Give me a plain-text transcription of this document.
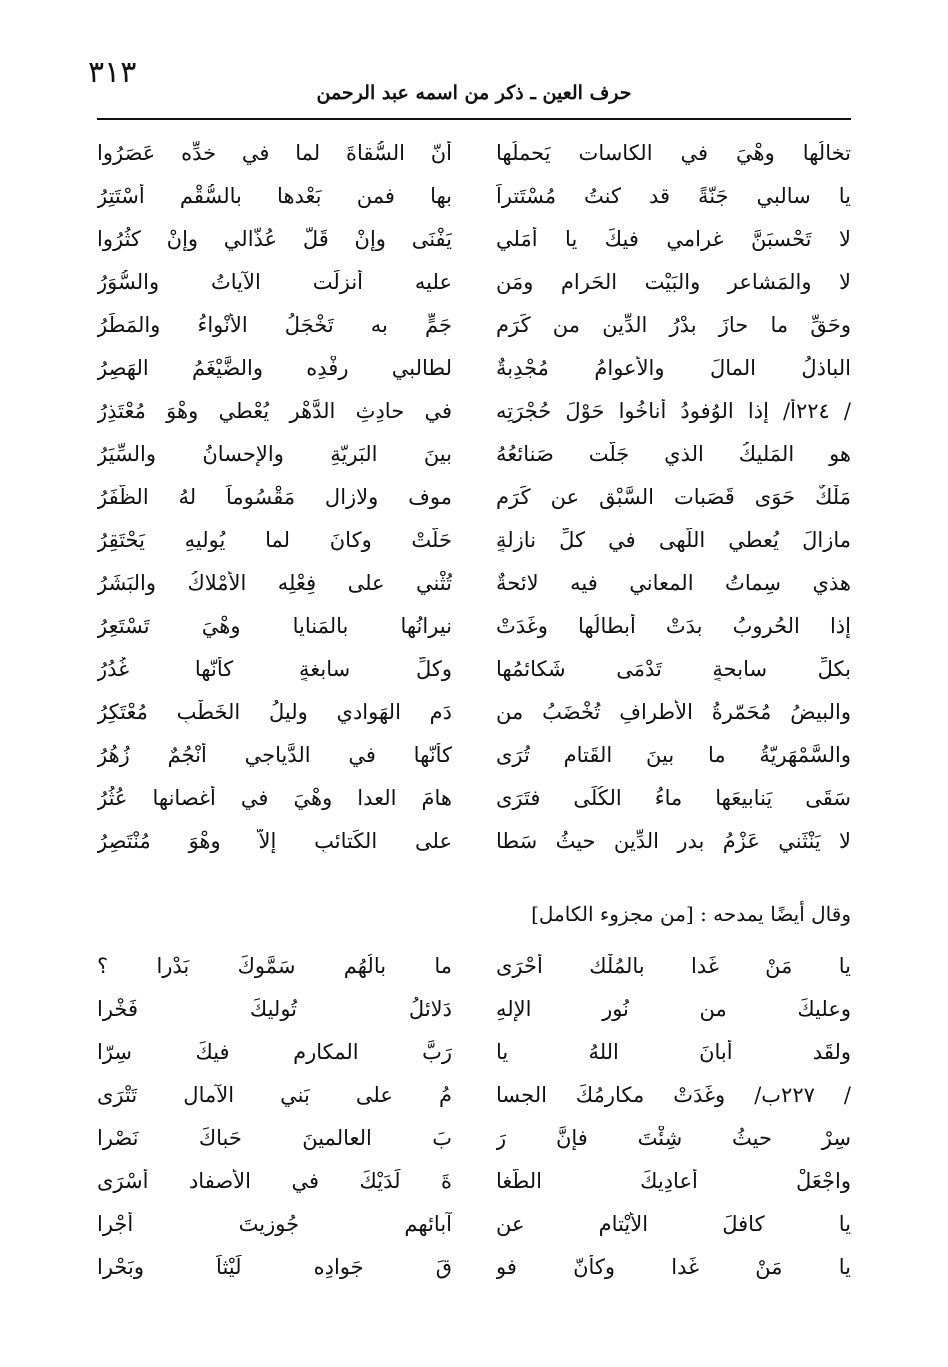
٣١٣
حرف العين ـ ذكر من اسمه عبد الرحمن
تخالُها وهْيَ في الكاسات يَحملُها
أنّ السُّقاةَ لما في خدِّه عَصَرُوا
يا سالبي جَنّةً قد كنتُ مُسْتَتراً
بها فمن بَعْدها بالسُّقْم أَسْتَتِرُ
لا تَحْسبَنَّ غرامي فيكَ يا أمَلي
يَفْنَى وإنْ قَلَّ عُذّالي وإنْ كثُرُوا
لا والمَشاعر والبَيْت الحَرام ومَن
عليه أُنزلَت الآياتُ والسُّوَرُ
وحَقِّ ما حازَ بدْرُ الدِّين من كَرَم
جَمٍّ به تَخْجَلُ الأنْواءُ والمَطَرُ
الباذلُ المالَ والأعوامُ مُجْدِبةٌ
لطالبي رِفْدِه والضَّيْغَمُ الهَصِرُ
/ ٢٢٤أ/ إذا الوُفودُ أناخُوا حَوْلَ حُجْرَتِه
في حادِثِ الدَّهْرِ يُعْطي وهْوَ مُعْتَذِرُ
هو المَليكُ الذي جَلّت صَنائعُهُ
بينَ البَريّةِ والإحسانُ والسِّيَرُ
مَلْكٌ حَوَى قَصَبات السَّبْق عن كَرَم
موف ولازال مَقْسُوماً لهُ الظَّفَرُ
مازالَ يُعطي اللُّهى في كلِّ نازلةٍ
حَلَّتْ وكانَ لما يُوليهِ يَحْتَقِرُ
هذي سِماتُ المعاني فيه لائحةٌ
تُثْني على فِعْلِه الأمْلاكُ والبَشَرُ
إذا الحُروبُ بدَتْ أبطالُها وغَدَتْ
نيرانُها بالمَنايا وهْيَ تَسْتَعِرُ
بكلِّ سابحةٍ تَدْمَى شَكائمُها
وكلِّ سابغةٍ كأنّها غُدُرُ
والبيضُ مُحَمّرةُ الأطرافِ تُخْضَبُ من
دَمِ الهَوادي وليلُ الخَطْبِ مُعْتَكِرُ
والسَّمْهَريّةُ ما بينَ القَتام تُرَى
كأنّها في الدَّياجي أنْجُمٌ زُهُرُ
سَقَى يَنابيعَها ماءُ الكُلَى فتَرَى
هامَ العدا وهْيَ في أغصانها عُثُرُ
لا يَنْثَني عَزْمُ بدرِ الدِّين حيثُ سَطا
على الكَتائبِ إلاّ وهْوَ مُنْتَصِرُ
وقال أيضًا يمدحه : [من مجزوء الكامل]
يا مَنْ غَدا بالمُلْك أحْرَى
ما بالُهُم سَمَّوكَ بَدْرا ؟
وعليكَ من نُورِ الإلهِ
دَلائلُ تُوليكَ فَخْرا
ولقَد أبانَ اللهُ يا
رَبَّ المكارم فيكَ سِرّا
/ ٢٢٧ب/ وغَدَتْ مكارمُكَ الجسا
مُ على بَني الآمال تَتْرَى
سِرْ حيثُ شِئْتَ فإنَّ رَ
بَ العالمينَ حَباكَ نَصْرا
واجْعَلْ أعادِيكَ الطُّغا
ةَ لَدَيْكَ في الأصفاد أسْرَى
يا كافلَ الأيْتام عن
آبائهم جُوزيتَ أجْرا
يا مَنْ غَدا وكأنّ فو
قَ جَوادِه لَيْثاً وبَحْرا
